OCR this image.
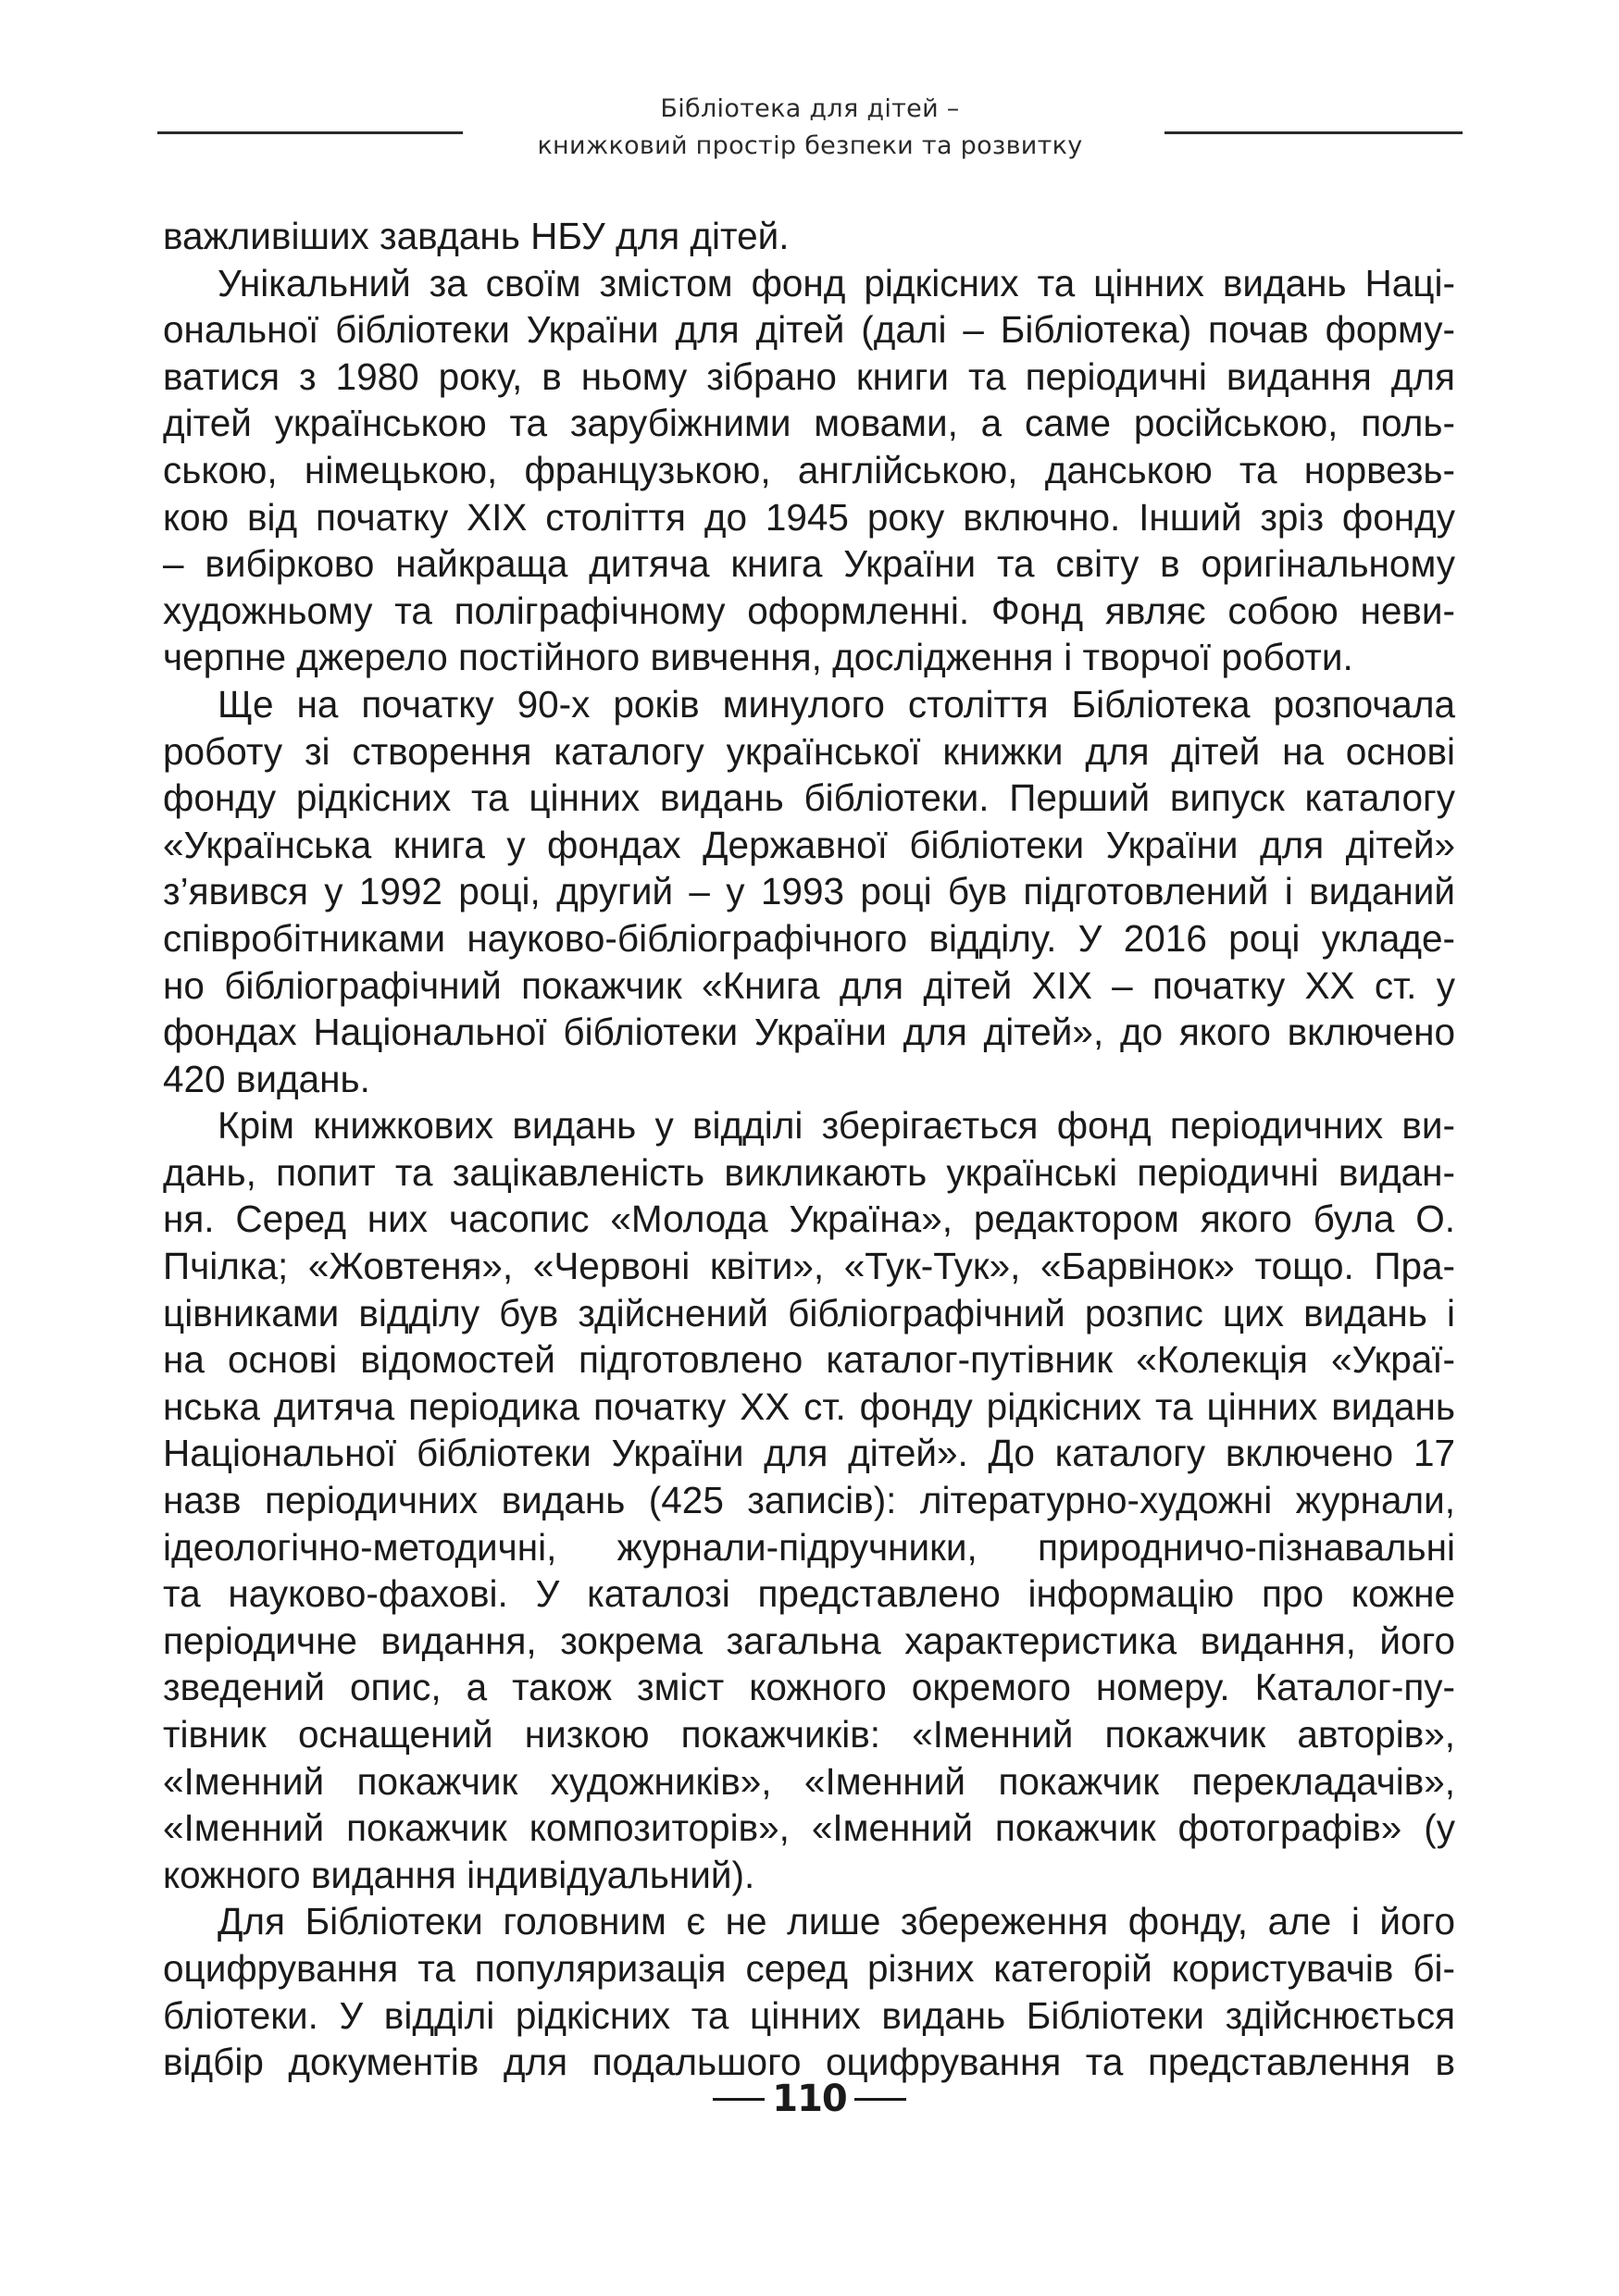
Бібліотека для дітей –
книжковий простір безпеки та розвитку

важливіших завдань НБУ для дітей.

Унікальний за своїм змістом фонд рідкісних та цінних видань Наці-
ональної бібліотеки України для дітей (далі – Бібліотека) почав форму-
ватися з 1980 року, в ньому зібрано книги та періодичні видання для
дітей українською та зарубіжними мовами, а саме російською, поль-
ською, німецькою, французькою, англійською, данською та норвезь-
кою від початку XIX століття до 1945 року включно. Інший зріз фонду
– вибірково найкраща дитяча книга України та світу в оригінальному
художньому та поліграфічному оформленні. Фонд являє собою неви-
черпне джерело постійного вивчення, дослідження і творчої роботи.

Ще на початку 90-х років минулого століття Бібліотека розпочала
роботу зі створення каталогу української книжки для дітей на основі
фонду рідкісних та цінних видань бібліотеки. Перший випуск каталогу
«Українська книга у фондах Державної бібліотеки України для дітей»
з’явився у 1992 році, другий – у 1993 році був підготовлений і виданий
співробітниками науково-бібліографічного відділу. У 2016 році укладе-
но бібліографічний покажчик «Книга для дітей XIX – початку XX ст. у
фондах Національної бібліотеки України для дітей», до якого включено
420 видань.

Крім книжкових видань у відділі зберігається фонд періодичних ви-
дань, попит та зацікавленість викликають українські періодичні видан-
ня. Серед них часопис «Молода Україна», редактором якого була О.
Пчілка; «Жовтеня», «Червоні квіти», «Тук-Тук», «Барвінок» тощо. Пра-
цівниками відділу був здійснений бібліографічний розпис цих видань і
на основі відомостей підготовлено каталог-путівник «Колекція «Украї-
нська дитяча періодика початку XX ст. фонду рідкісних та цінних видань
Національної бібліотеки України для дітей». До каталогу включено 17
назв періодичних видань (425 записів): літературно-художні журнали,
ідеологічно-методичні, журнали-підручники, природничо-пізнавальні
та науково-фахові. У каталозі представлено інформацію про кожне
періодичне видання, зокрема загальна характеристика видання, його
зведений опис, а також зміст кожного окремого номеру. Каталог-пу-
тівник оснащений низкою покажчиків: «Іменний покажчик авторів»,
«Іменний покажчик художників», «Іменний покажчик перекладачів»,
«Іменний покажчик композиторів», «Іменний покажчик фотографів» (у
кожного видання індивідуальний).

Для Бібліотеки головним є не лише збереження фонду, але і його
оцифрування та популяризація серед різних категорій користувачів бі-
бліотеки. У відділі рідкісних та цінних видань Бібліотеки здійснюється
відбір документів для подальшого оцифрування та представлення в

110
